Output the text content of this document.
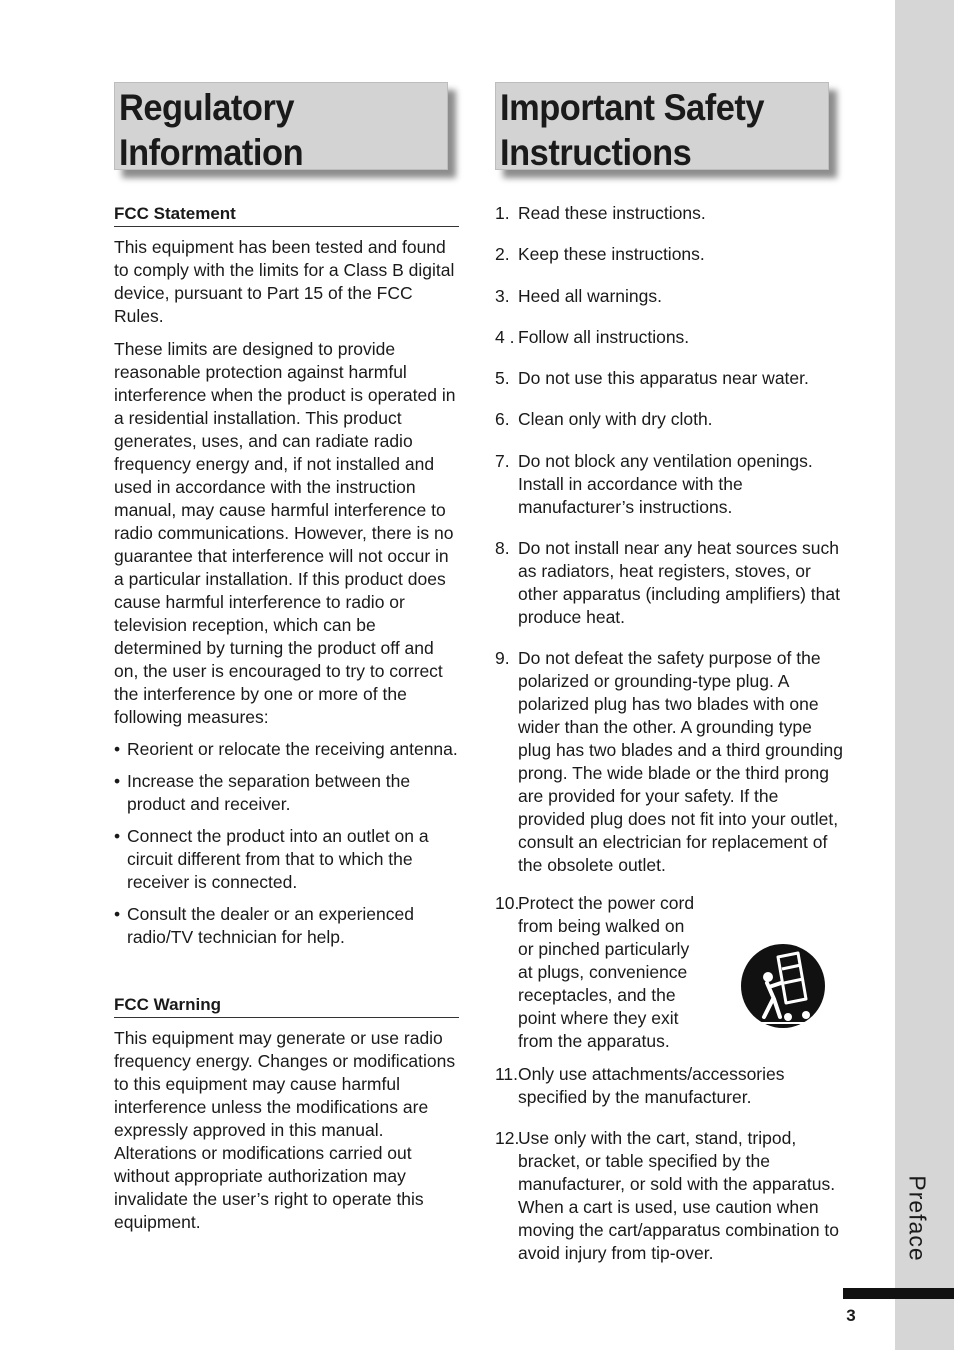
Preface
3
Regulatory
Information
Important Safety
Instructions
FCC Statement

This equipment has been tested and found to comply with the limits for a Class B digital device, pursuant to Part 15 of the FCC Rules.

These limits are designed to provide reasonable protection against harmful interference when the product is operated in a residential installation. This product generates, uses, and can radiate radio frequency energy and, if not installed and used in accordance with the instruction manual, may cause harmful interference to radio communications. However, there is no guarantee that interference will not occur in a particular installation. If this product does cause harmful interference to radio or television reception, which can be determined by turning the product off and on, the user is encouraged to try to correct the interference by one or more of the following measures:

• Reorient or relocate the receiving antenna.
• Increase the separation between the product and receiver.
• Connect the product into an outlet on a circuit different from that to which the receiver is connected.
• Consult the dealer or an experienced radio/TV technician for help.
FCC Warning

This equipment may generate or use radio frequency energy. Changes or modifications to this equipment may cause harmful interference unless the modifications are expressly approved in this manual. Alterations or modifications carried out without appropriate authorization may invalidate the user’s right to operate this equipment.

1. Read these instructions.
2. Keep these instructions.
3. Heed all warnings.
4 . Follow all instructions.
5. Do not use this apparatus near water.
6. Clean only with dry cloth.
7. Do not block any ventilation openings. Install in accordance with the manufacturer’s instructions.
8. Do not install near any heat sources such as radiators, heat registers, stoves, or other apparatus (including amplifiers) that produce heat.
9. Do not defeat the safety purpose of the polarized or grounding-type plug. A polarized plug has two blades with one wider than the other. A grounding type plug has two blades and a third grounding prong. The wide blade or the third prong are provided for your safety. If the provided plug does not fit into your outlet, consult an electrician for replacement of the obsolete outlet.
10.
Protect the power cord from being walked on or pinched particularly at plugs, convenience receptacles, and the point where they exit from the apparatus.
11. Only use attachments/accessories specified by the manufacturer.
12.
Use only with the cart, stand, tripod, bracket, or table specified by the manufacturer, or sold with the apparatus. When a cart is used, use caution when moving the cart/apparatus combination to avoid injury from tip-over.
